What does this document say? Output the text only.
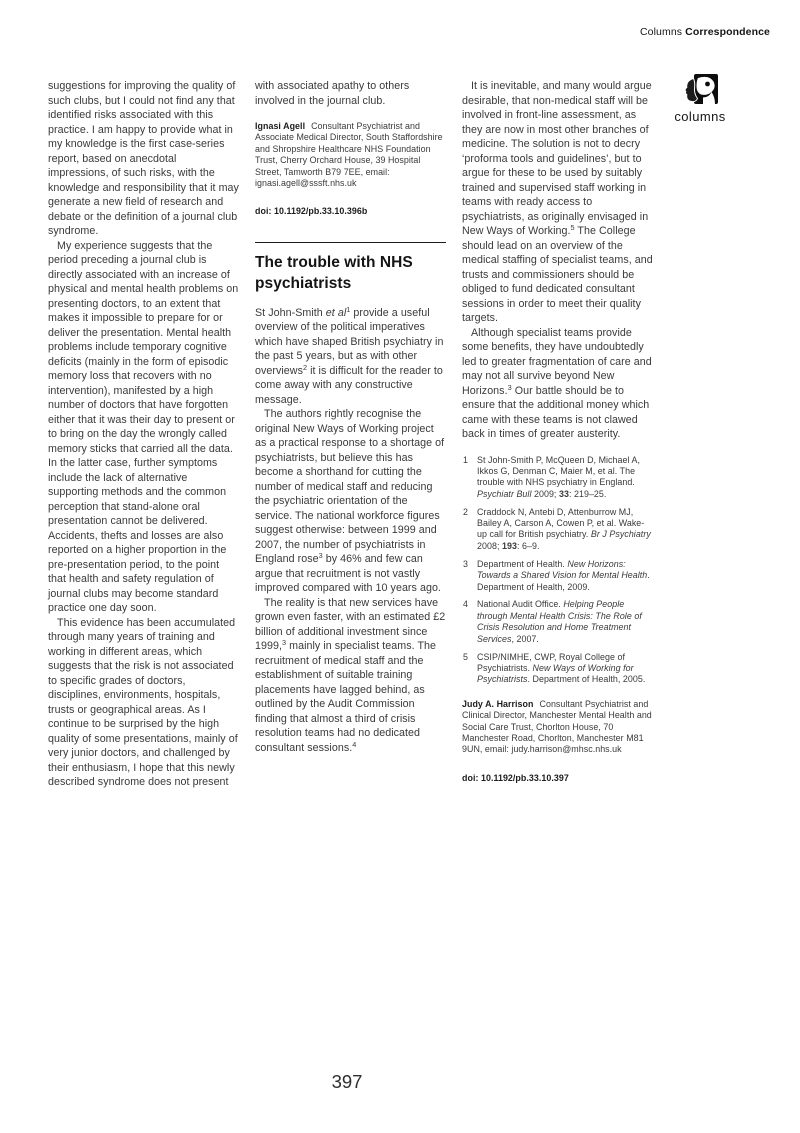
Columns Correspondence
columns
suggestions for improving the quality of such clubs, but I could not find any that identified risks associated with this practice. I am happy to provide what in my knowledge is the first case-series report, based on anecdotal impressions, of such risks, with the knowledge and responsibility that it may generate a new field of research and debate or the definition of a journal club syndrome.
My experience suggests that the period preceding a journal club is directly associated with an increase of physical and mental health problems on presenting doctors, to an extent that makes it impossible to prepare for or deliver the presentation. Mental health problems include temporary cognitive deficits (mainly in the form of episodic memory loss that recovers with no intervention), manifested by a high number of doctors that have forgotten either that it was their day to present or to bring on the day the wrongly called memory sticks that carried all the data. In the latter case, further symptoms include the lack of alternative supporting methods and the common perception that stand-alone oral presentation cannot be delivered. Accidents, thefts and losses are also reported on a higher proportion in the pre-presentation period, to the point that health and safety regulation of journal clubs may become standard practice one day soon.
This evidence has been accumulated through many years of training and working in different areas, which suggests that the risk is not associated to specific grades of doctors, disciplines, environments, hospitals, trusts or geographical areas. As I continue to be surprised by the high quality of some presentations, mainly of very junior doctors, and challenged by their enthusiasm, I hope that this newly described syndrome does not present
with associated apathy to others involved in the journal club.
Ignasi Agell Consultant Psychiatrist and Associate Medical Director, South Staffordshire and Shropshire Healthcare NHS Foundation Trust, Cherry Orchard House, 39 Hospital Street, Tamworth B79 7EE, email: ignasi.agell@sssft.nhs.uk
doi: 10.1192/pb.33.10.396b
The trouble with NHS psychiatrists
St John-Smith et $al^1$ provide a useful overview of the political imperatives which have shaped British psychiatry in the past 5 years, but as with other overviews$^2$ it is difficult for the reader to come away with any constructive message.
The authors rightly recognise the original New Ways of Working project as a practical response to a shortage of psychiatrists, but believe this has become a shorthand for cutting the number of medical staff and reducing the psychiatric orientation of the service. The national workforce figures suggest otherwise: between 1999 and 2007, the number of psychiatrists in England rose$^3$ by 46% and few can argue that recruitment is not vastly improved compared with 10 years ago.
The reality is that new services have grown even faster, with an estimated £2 billion of additional investment since 1999,$^3$ mainly in specialist teams. The recruitment of medical staff and the establishment of suitable training placements have lagged behind, as outlined by the Audit Commission finding that almost a third of crisis resolution teams had no dedicated consultant sessions.$^4$
It is inevitable, and many would argue desirable, that non-medical staff will be involved in front-line assessment, as they are now in most other branches of medicine. The solution is not to decry ‘proforma tools and guidelines’, but to argue for these to be used by suitably trained and supervised staff working in teams with ready access to psychiatrists, as originally envisaged in New Ways of Working.$^5$ The College should lead on an overview of the medical staffing of specialist teams, and trusts and commissioners should be obliged to fund dedicated consultant sessions in order to meet their quality targets.
Although specialist teams provide some benefits, they have undoubtedly led to greater fragmentation of care and may not all survive beyond New Horizons.$^3$ Our battle should be to ensure that the additional money which came with these teams is not clawed back in times of greater austerity.
1 St John-Smith P, McQueen D, Michael A, Ikkos G, Denman C, Maier M, et al. The trouble with NHS psychiatry in England. Psychiatr Bull 2009; 33: 219–25.
2 Craddock N, Antebi D, Attenburrow MJ, Bailey A, Carson A, Cowen P, et al. Wake-up call for British psychiatry. Br J Psychiatry 2008; 193: 6–9.
3 Department of Health. New Horizons: Towards a Shared Vision for Mental Health. Department of Health, 2009.
4 National Audit Office. Helping People through Mental Health Crisis: The Role of Crisis Resolution and Home Treatment Services, 2007.
5 CSIP/NIMHE, CWP, Royal College of Psychiatrists. New Ways of Working for Psychiatrists. Department of Health, 2005.
Judy A. Harrison Consultant Psychiatrist and Clinical Director, Manchester Mental Health and Social Care Trust, Chorlton House, 70 Manchester Road, Chorlton, Manchester M81 9UN, email: judy.harrison@mhsc.nhs.uk
doi: 10.1192/pb.33.10.397
397
